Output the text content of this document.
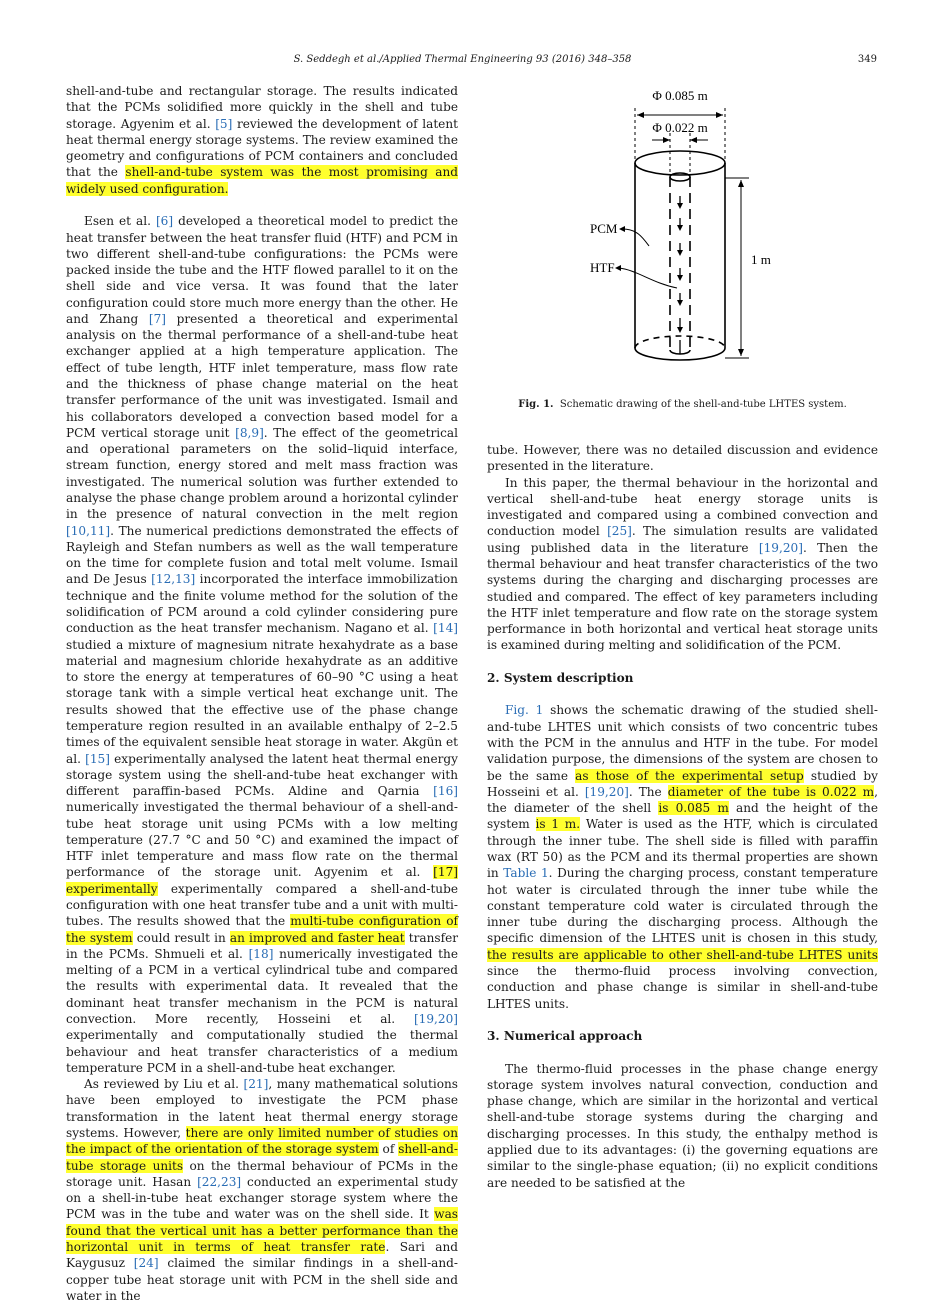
S. Seddegh et al./Applied Thermal Engineering 93 (2016) 348–358	349

shell-and-tube and rectangular storage. The results indicated that the PCMs solidified more quickly in the shell and tube storage. Agyenim et al. [5] reviewed the development of latent heat thermal energy storage systems. The review examined the geometry and configurations of PCM containers and concluded that the shell-and-tube system was the most promising and widely used configuration.

Esen et al. [6] developed a theoretical model to predict the heat transfer between the heat transfer fluid (HTF) and PCM in two different shell-and-tube configurations: the PCMs were packed inside the tube and the HTF flowed parallel to it on the shell side and vice versa. It was found that the later configuration could store much more energy than the other. He and Zhang [7] presented a theoretical and experimental analysis on the thermal performance of a shell-and-tube heat exchanger applied at a high temperature application. The effect of tube length, HTF inlet temperature, mass flow rate and the thickness of phase change material on the heat transfer performance of the unit was investigated. Ismail and his collaborators developed a convection based model for a PCM vertical storage unit [8,9]. The effect of the geometrical and operational parameters on the solid–liquid interface, stream function, energy stored and melt mass fraction was investigated. The numerical solution was further extended to analyse the phase change problem around a horizontal cylinder in the presence of natural convection in the melt region [10,11]. The numerical predictions demonstrated the effects of Rayleigh and Stefan numbers as well as the wall temperature on the time for complete fusion and total melt volume. Ismail and De Jesus [12,13] incorporated the interface immobilization technique and the finite volume method for the solution of the solidification of PCM around a cold cylinder considering pure conduction as the heat transfer mechanism. Nagano et al. [14] studied a mixture of magnesium nitrate hexahydrate as a base material and magnesium chloride hexahydrate as an additive to store the energy at temperatures of 60–90 °C using a heat storage tank with a simple vertical heat exchange unit. The results showed that the effective use of the phase change temperature region resulted in an available enthalpy of 2–2.5 times of the equivalent sensible heat storage in water. Akgün et al. [15] experimentally analysed the latent heat thermal energy storage system using the shell-and-tube heat exchanger with different paraffin-based PCMs. Aldine and Qarnia [16] numerically investigated the thermal behaviour of a shell-and-tube heat storage unit using PCMs with a low melting temperature (27.7 °C and 50 °C) and examined the impact of HTF inlet temperature and mass flow rate on the thermal performance of the storage unit. Agyenim et al. [17] experimentally experimentally compared a shell-and-tube configuration with one heat transfer tube and a unit with multi-tubes. The results showed that the multi-tube configuration of the system could result in an improved and faster heat transfer in the PCMs. Shmueli et al. [18] numerically investigated the melting of a PCM in a vertical cylindrical tube and compared the results with experimental data. It revealed that the dominant heat transfer mechanism in the PCM is natural convection. More recently, Hosseini et al. [19,20] experimentally and computationally studied the thermal behaviour and heat transfer characteristics of a medium temperature PCM in a shell-and-tube heat exchanger.

As reviewed by Liu et al. [21], many mathematical solutions have been employed to investigate the PCM phase transformation in the latent heat thermal energy storage systems. However, there are only limited number of studies on the impact of the orientation of the storage system of shell-and-tube storage units on the thermal behaviour of PCMs in the storage unit. Hasan [22,23] conducted an experimental study on a shell-in-tube heat exchanger storage system where the PCM was in the tube and water was on the shell side. It was found that the vertical unit has a better performance than the horizontal unit in terms of heat transfer rate. Sari and Kaygusuz [24] claimed the similar findings in a shell-and- copper tube heat storage unit with PCM in the shell side and water in the

Φ 0.085 m
Φ 0.022 m
PCM
HTF
1 m
Fig. 1. Schematic drawing of the shell-and-tube LHTES system.

tube. However, there was no detailed discussion and evidence presented in the literature.

In this paper, the thermal behaviour in the horizontal and vertical shell-and-tube heat energy storage units is investigated and compared using a combined convection and conduction model [25]. The simulation results are validated using published data in the literature [19,20]. Then the thermal behaviour and heat transfer characteristics of the two systems during the charging and discharging processes are studied and compared. The effect of key parameters including the HTF inlet temperature and flow rate on the storage system performance in both horizontal and vertical heat storage units is examined during melting and solidification of the PCM.

2. System description

Fig. 1 shows the schematic drawing of the studied shell-and-tube LHTES unit which consists of two concentric tubes with the PCM in the annulus and HTF in the tube. For model validation purpose, the dimensions of the system are chosen to be the same as those of the experimental setup studied by Hosseini et al. [19,20]. The diameter of the tube is 0.022 m, the diameter of the shell is 0.085 m and the height of the system is 1 m. Water is used as the HTF, which is circulated through the inner tube. The shell side is filled with paraffin wax (RT 50) as the PCM and its thermal properties are shown in Table 1. During the charging process, constant temperature hot water is circulated through the inner tube while the constant temperature cold water is circulated through the inner tube during the discharging process. Although the specific dimension of the LHTES unit is chosen in this study, the results are applicable to other shell-and-tube LHTES units since the thermo-fluid process involving convection, conduction and phase change is similar in shell-and-tube LHTES units.

3. Numerical approach

The thermo-fluid processes in the phase change energy storage system involves natural convection, conduction and phase change, which are similar in the horizontal and vertical shell-and-tube storage systems during the charging and discharging processes. In this study, the enthalpy method is applied due to its advantages: (i) the governing equations are similar to the single-phase equation; (ii) no explicit conditions are needed to be satisfied at the
